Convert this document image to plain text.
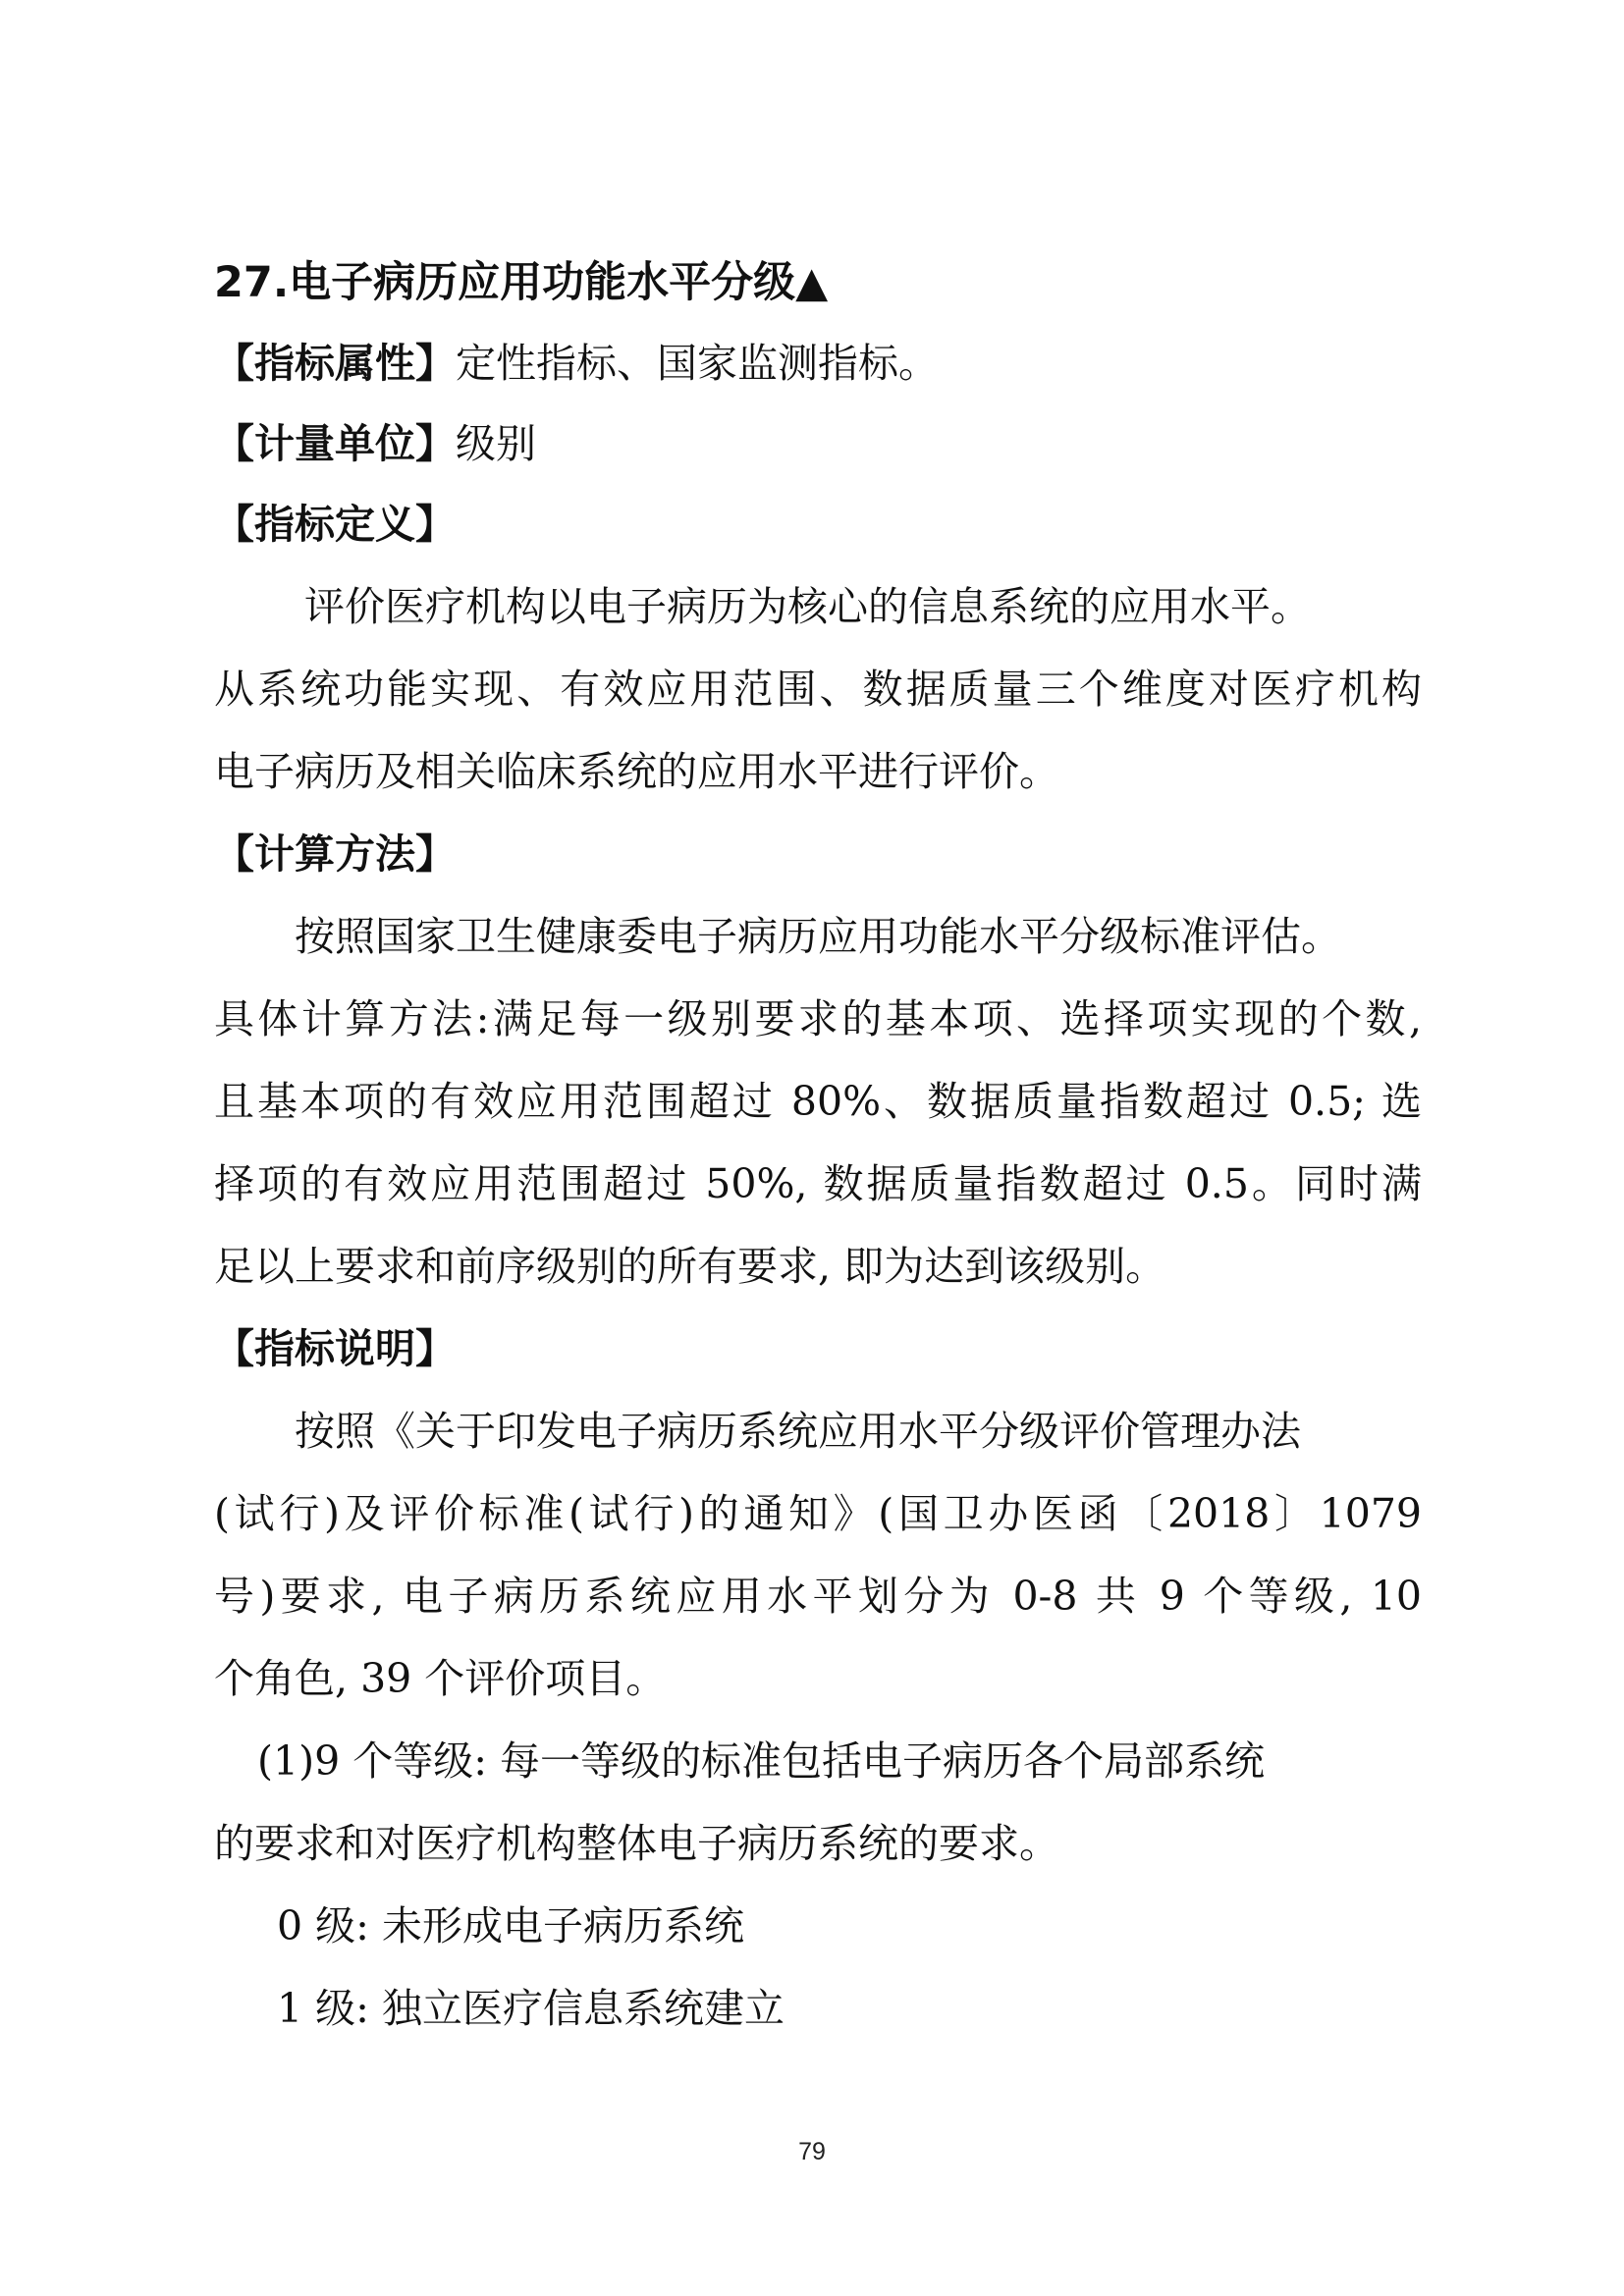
27.电子病历应用功能水平分级▲
【指标属性】定性指标、国家监测指标。
【计量单位】级别
【指标定义】
评价医疗机构以电子病历为核心的信息系统的应用水平。
从系统功能实现、有效应用范围、数据质量三个维度对医疗机构
电子病历及相关临床系统的应用水平进行评价。
【计算方法】
按照国家卫生健康委电子病历应用功能水平分级标准评估。
具体计算方法:满足每一级别要求的基本项、选择项实现的个数,
且基本项的有效应用范围超过 80%、数据质量指数超过 0.5; 选
择项的有效应用范围超过 50%, 数据质量指数超过 0.5。同时满
足以上要求和前序级别的所有要求, 即为达到该级别。
【指标说明】
按照《关于印发电子病历系统应用水平分级评价管理办法
(试行)及评价标准(试行)的通知》(国卫办医函〔2018〕1079
号)要求, 电子病历系统应用水平划分为 0-8 共 9 个等级, 10
个角色, 39 个评价项目。
(1)9 个等级: 每一等级的标准包括电子病历各个局部系统
的要求和对医疗机构整体电子病历系统的要求。
0 级: 未形成电子病历系统
1 级: 独立医疗信息系统建立
79
